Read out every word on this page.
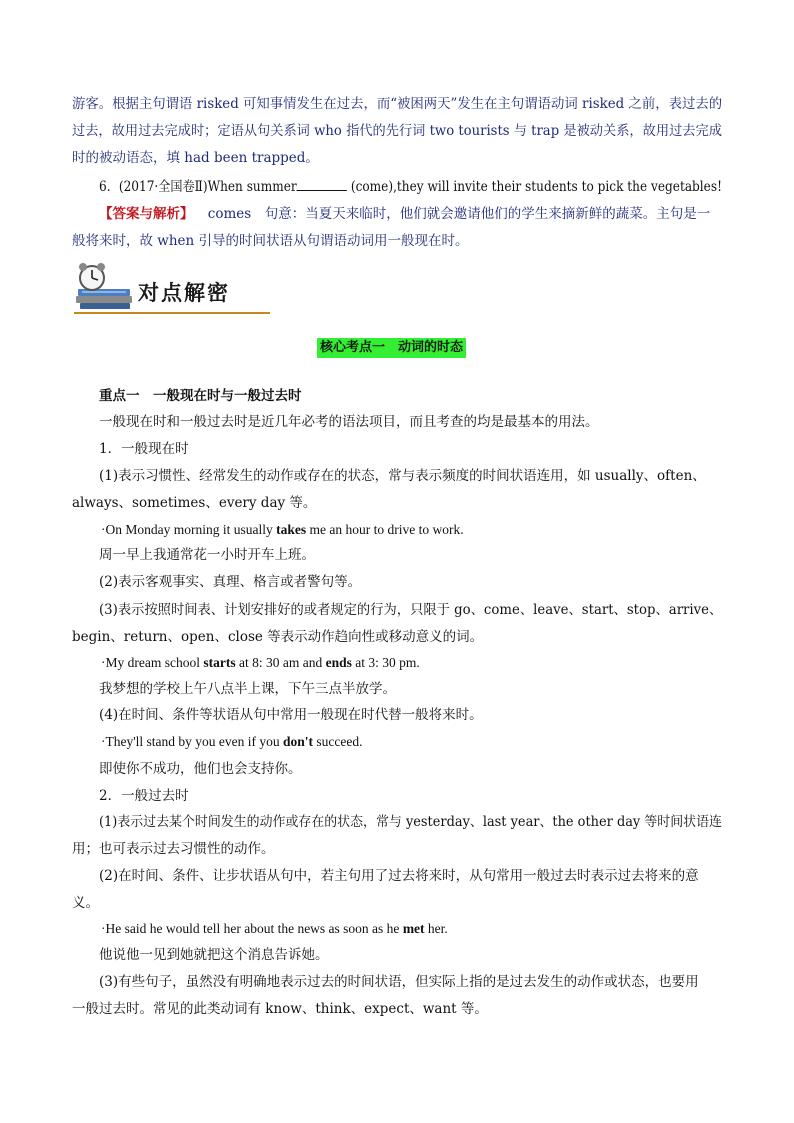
游客。根据主句谓语 risked 可知事情发生在过去，而“被困两天”发生在主句谓语动词 risked 之前，表过去的
过去，故用过去完成时；定语从句关系词 who 指代的先行词 two tourists 与 trap 是被动关系，故用过去完成
时的被动语态，填 had been trapped。
6．(2017·全国卷Ⅱ)When summer	(come),they will invite their students to pick the vegetables!
【答案与解析】 comes　句意：当夏天来临时，他们就会邀请他们的学生来摘新鲜的蔬菜。主句是一
般将来时，故 when 引导的时间状语从句谓语动词用一般现在时。
对点解密
核心考点一　动词的时态
重点一　一般现在时与一般过去时
一般现在时和一般过去时是近几年必考的语法项目，而且考查的均是最基本的用法。
1．一般现在时
(1)表示习惯性、经常发生的动作或存在的状态，常与表示频度的时间状语连用，如 usually、often、
always、sometimes、every day 等。
·On Monday morning it usually takes me an hour to drive to work.
周一早上我通常花一小时开车上班。
(2)表示客观事实、真理、格言或者警句等。
(3)表示按照时间表、计划安排好的或者规定的行为，只限于 go、come、leave、start、stop、arrive、
begin、return、open、close 等表示动作趋向性或移动意义的词。
·My dream school starts at 8: 30 am and ends at 3: 30 pm.
我梦想的学校上午八点半上课，下午三点半放学。
(4)在时间、条件等状语从句中常用一般现在时代替一般将来时。
·They'll stand by you even if you don't succeed.
即使你不成功，他们也会支持你。
2．一般过去时
(1)表示过去某个时间发生的动作或存在的状态，常与 yesterday、last year、the other day 等时间状语连
用；也可表示过去习惯性的动作。
(2)在时间、条件、让步状语从句中，若主句用了过去将来时，从句常用一般过去时表示过去将来的意
义。
·He said he would tell her about the news as soon as he met her.
他说他一见到她就把这个消息告诉她。
(3)有些句子，虽然没有明确地表示过去的时间状语，但实际上指的是过去发生的动作或状态，也要用
一般过去时。常见的此类动词有 know、think、expect、want 等。
